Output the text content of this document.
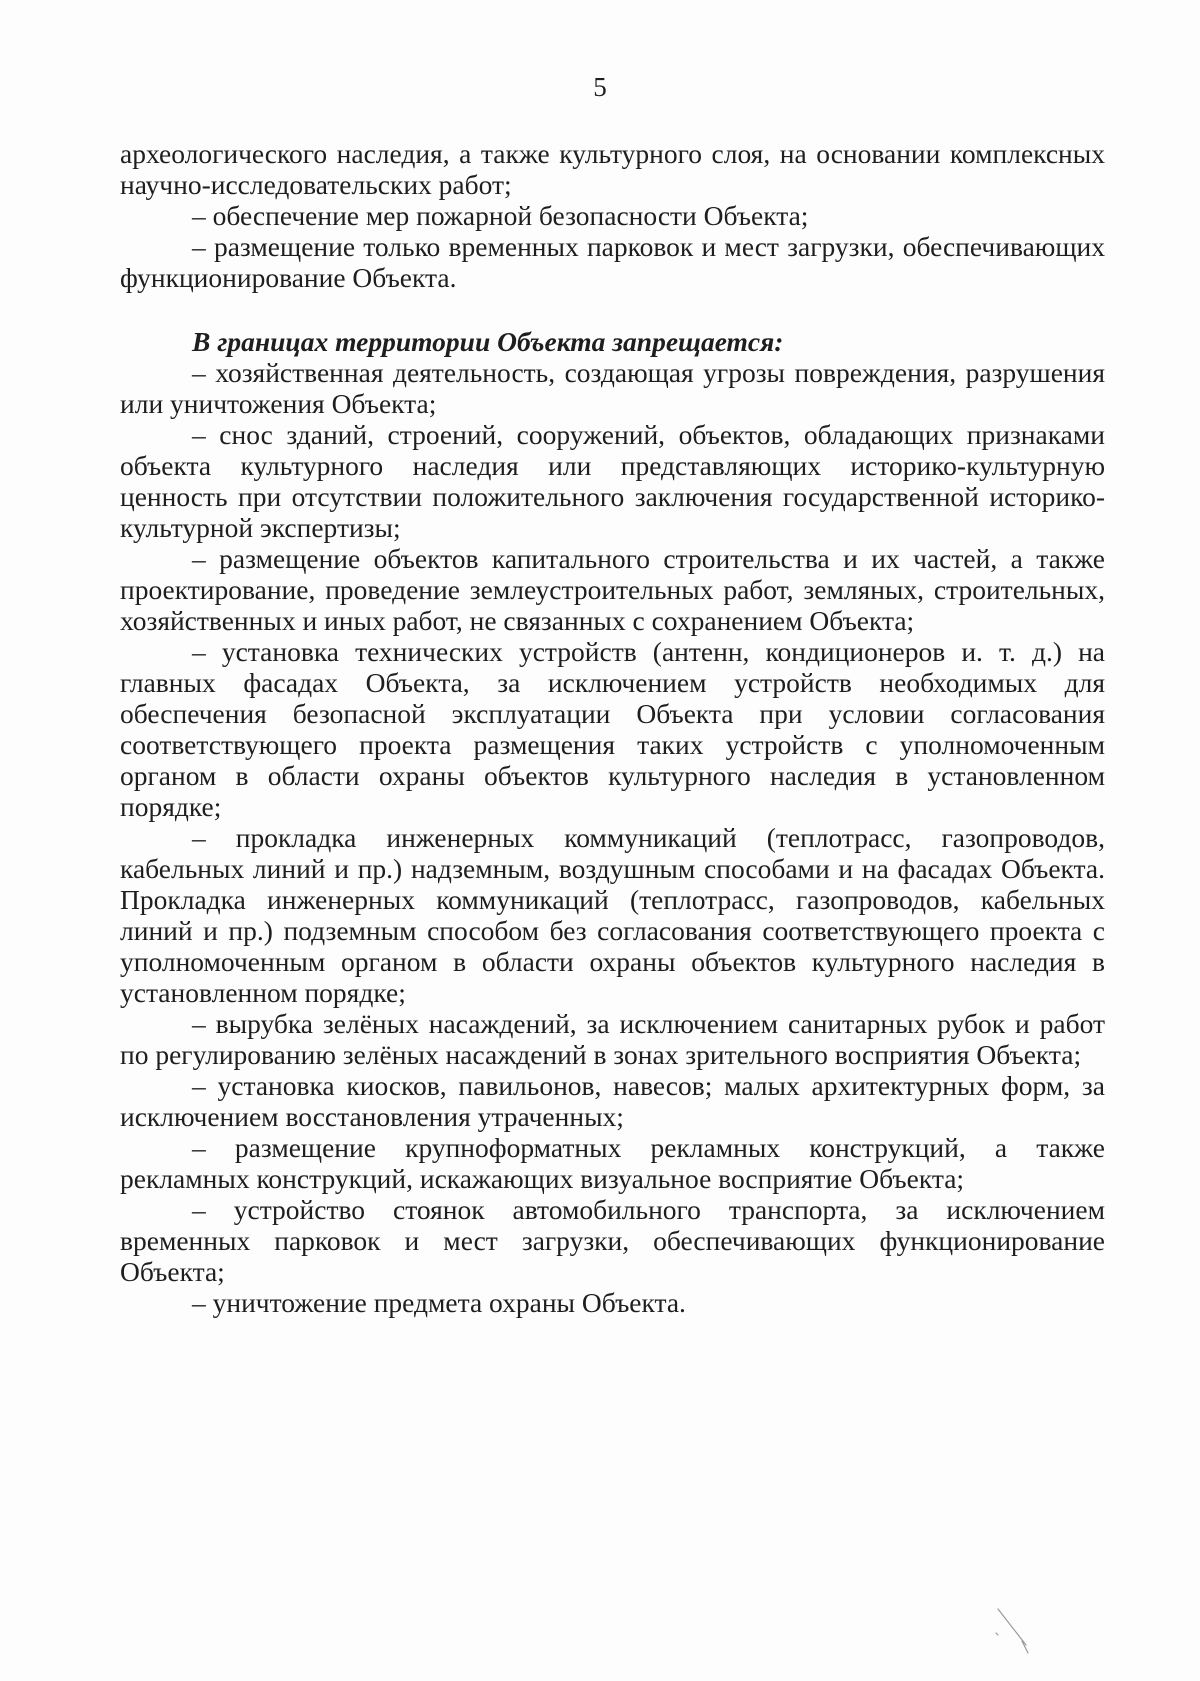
5

археологического наследия, а также культурного слоя, на основании комплексных научно-исследовательских работ;

– обеспечение мер пожарной безопасности Объекта;

– размещение только временных парковок и мест загрузки, обеспечивающих функционирование Объекта.

В границах территории Объекта запрещается:

– хозяйственная деятельность, создающая угрозы повреждения, разрушения или уничтожения Объекта;

– снос зданий, строений, сооружений, объектов, обладающих признаками объекта культурного наследия или представляющих историко-культурную ценность при отсутствии положительного заключения государственной историко-культурной экспертизы;

– размещение объектов капитального строительства и их частей, а также проектирование, проведение землеустроительных работ, земляных, строительных, хозяйственных и иных работ, не связанных с сохранением Объекта;

– установка технических устройств (антенн, кондиционеров и. т. д.) на главных фасадах Объекта, за исключением устройств необходимых для обеспечения безопасной эксплуатации Объекта при условии согласования соответствующего проекта размещения таких устройств с уполномоченным органом в области охраны объектов культурного наследия в установленном порядке;

– прокладка инженерных коммуникаций (теплотрасс, газопроводов, кабельных линий и пр.) надземным, воздушным способами и на фасадах Объекта. Прокладка инженерных коммуникаций (теплотрасс, газопроводов, кабельных линий и пр.) подземным способом без согласования соответствующего проекта с уполномоченным органом в области охраны объектов культурного наследия в установленном порядке;

– вырубка зелёных насаждений, за исключением санитарных рубок и работ по регулированию зелёных насаждений в зонах зрительного восприятия Объекта;

– установка киосков, павильонов, навесов; малых архитектурных форм, за исключением восстановления утраченных;

– размещение крупноформатных рекламных конструкций, а также рекламных конструкций, искажающих визуальное восприятие Объекта;

– устройство стоянок автомобильного транспорта, за исключением временных парковок и мест загрузки, обеспечивающих функционирование Объекта;

– уничтожение предмета охраны Объекта.
